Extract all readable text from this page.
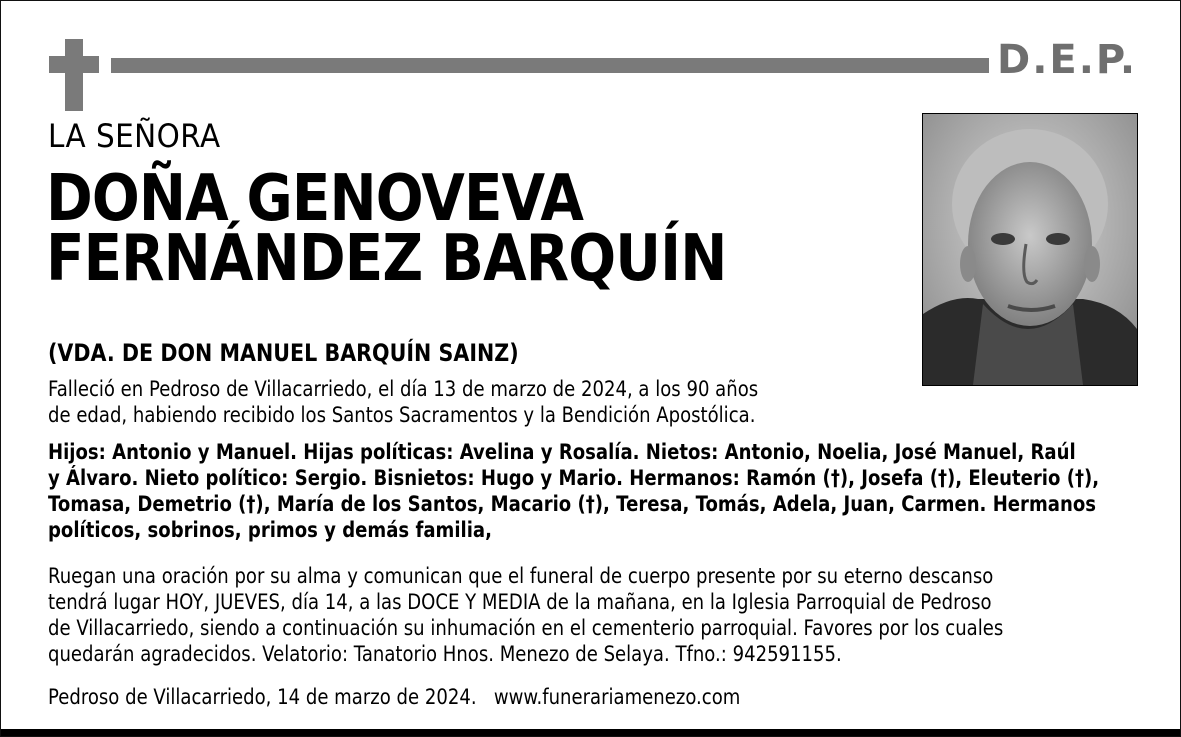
D.E.P.
LA SEÑORA
DOÑA GENOVEVA
FERNÁNDEZ BARQUÍN
(VDA. DE DON MANUEL BARQUÍN SAINZ)
Falleció en Pedroso de Villacarriedo, el día 13 de marzo de 2024, a los 90 años
de edad, habiendo recibido los Santos Sacramentos y la Bendición Apostólica.
Hijos: Antonio y Manuel. Hijas políticas: Avelina y Rosalía. Nietos: Antonio, Noelia, José Manuel, Raúl
y Álvaro. Nieto político: Sergio. Bisnietos: Hugo y Mario. Hermanos: Ramón (†), Josefa (†), Eleuterio (†),
Tomasa, Demetrio (†), María de los Santos, Macario (†), Teresa, Tomás, Adela, Juan, Carmen. Hermanos
políticos, sobrinos, primos y demás familia,
Ruegan una oración por su alma y comunican que el funeral de cuerpo presente por su eterno descanso
tendrá lugar HOY, JUEVES, día 14, a las DOCE Y MEDIA de la mañana, en la Iglesia Parroquial de Pedroso
de Villacarriedo, siendo a continuación su inhumación en el cementerio parroquial. Favores por los cuales
quedarán agradecidos. Velatorio: Tanatorio Hnos. Menezo de Selaya. Tfno.: 942591155.
Pedroso de Villacarriedo, 14 de marzo de 2024. www.funerariamenezo.com
